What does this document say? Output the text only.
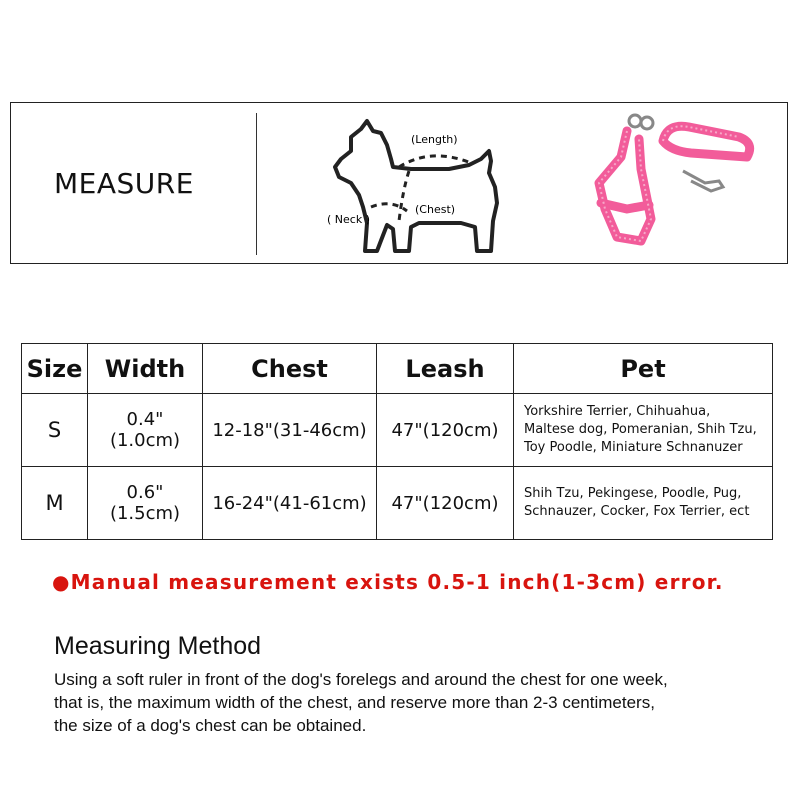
MEASURE
(Length)
( Neck )
(Chest)
Size	Width	Chest	Leash	Pet
S	0.4"(1.0cm)	12-18"(31-46cm)	47"(120cm)	Yorkshire Terrier, Chihuahua,
Maltese dog, Pomeranian, Shih Tzu,
Toy Poodle, Miniature Schnanuzer

M	0.6"(1.5cm)	16-24"(41-61cm)	47"(120cm)	Shih Tzu, Pekingese, Poodle, Pug,
Schnauzer, Cocker, Fox Terrier, ect
●Manual measurement exists 0.5-1 inch(1-3cm) error.
Measuring Method
Using a soft ruler in front of the dog's forelegs and around the chest for one week,
that is, the maximum width of the chest, and reserve more than 2-3 centimeters,
the size of a dog's chest can be obtained.
